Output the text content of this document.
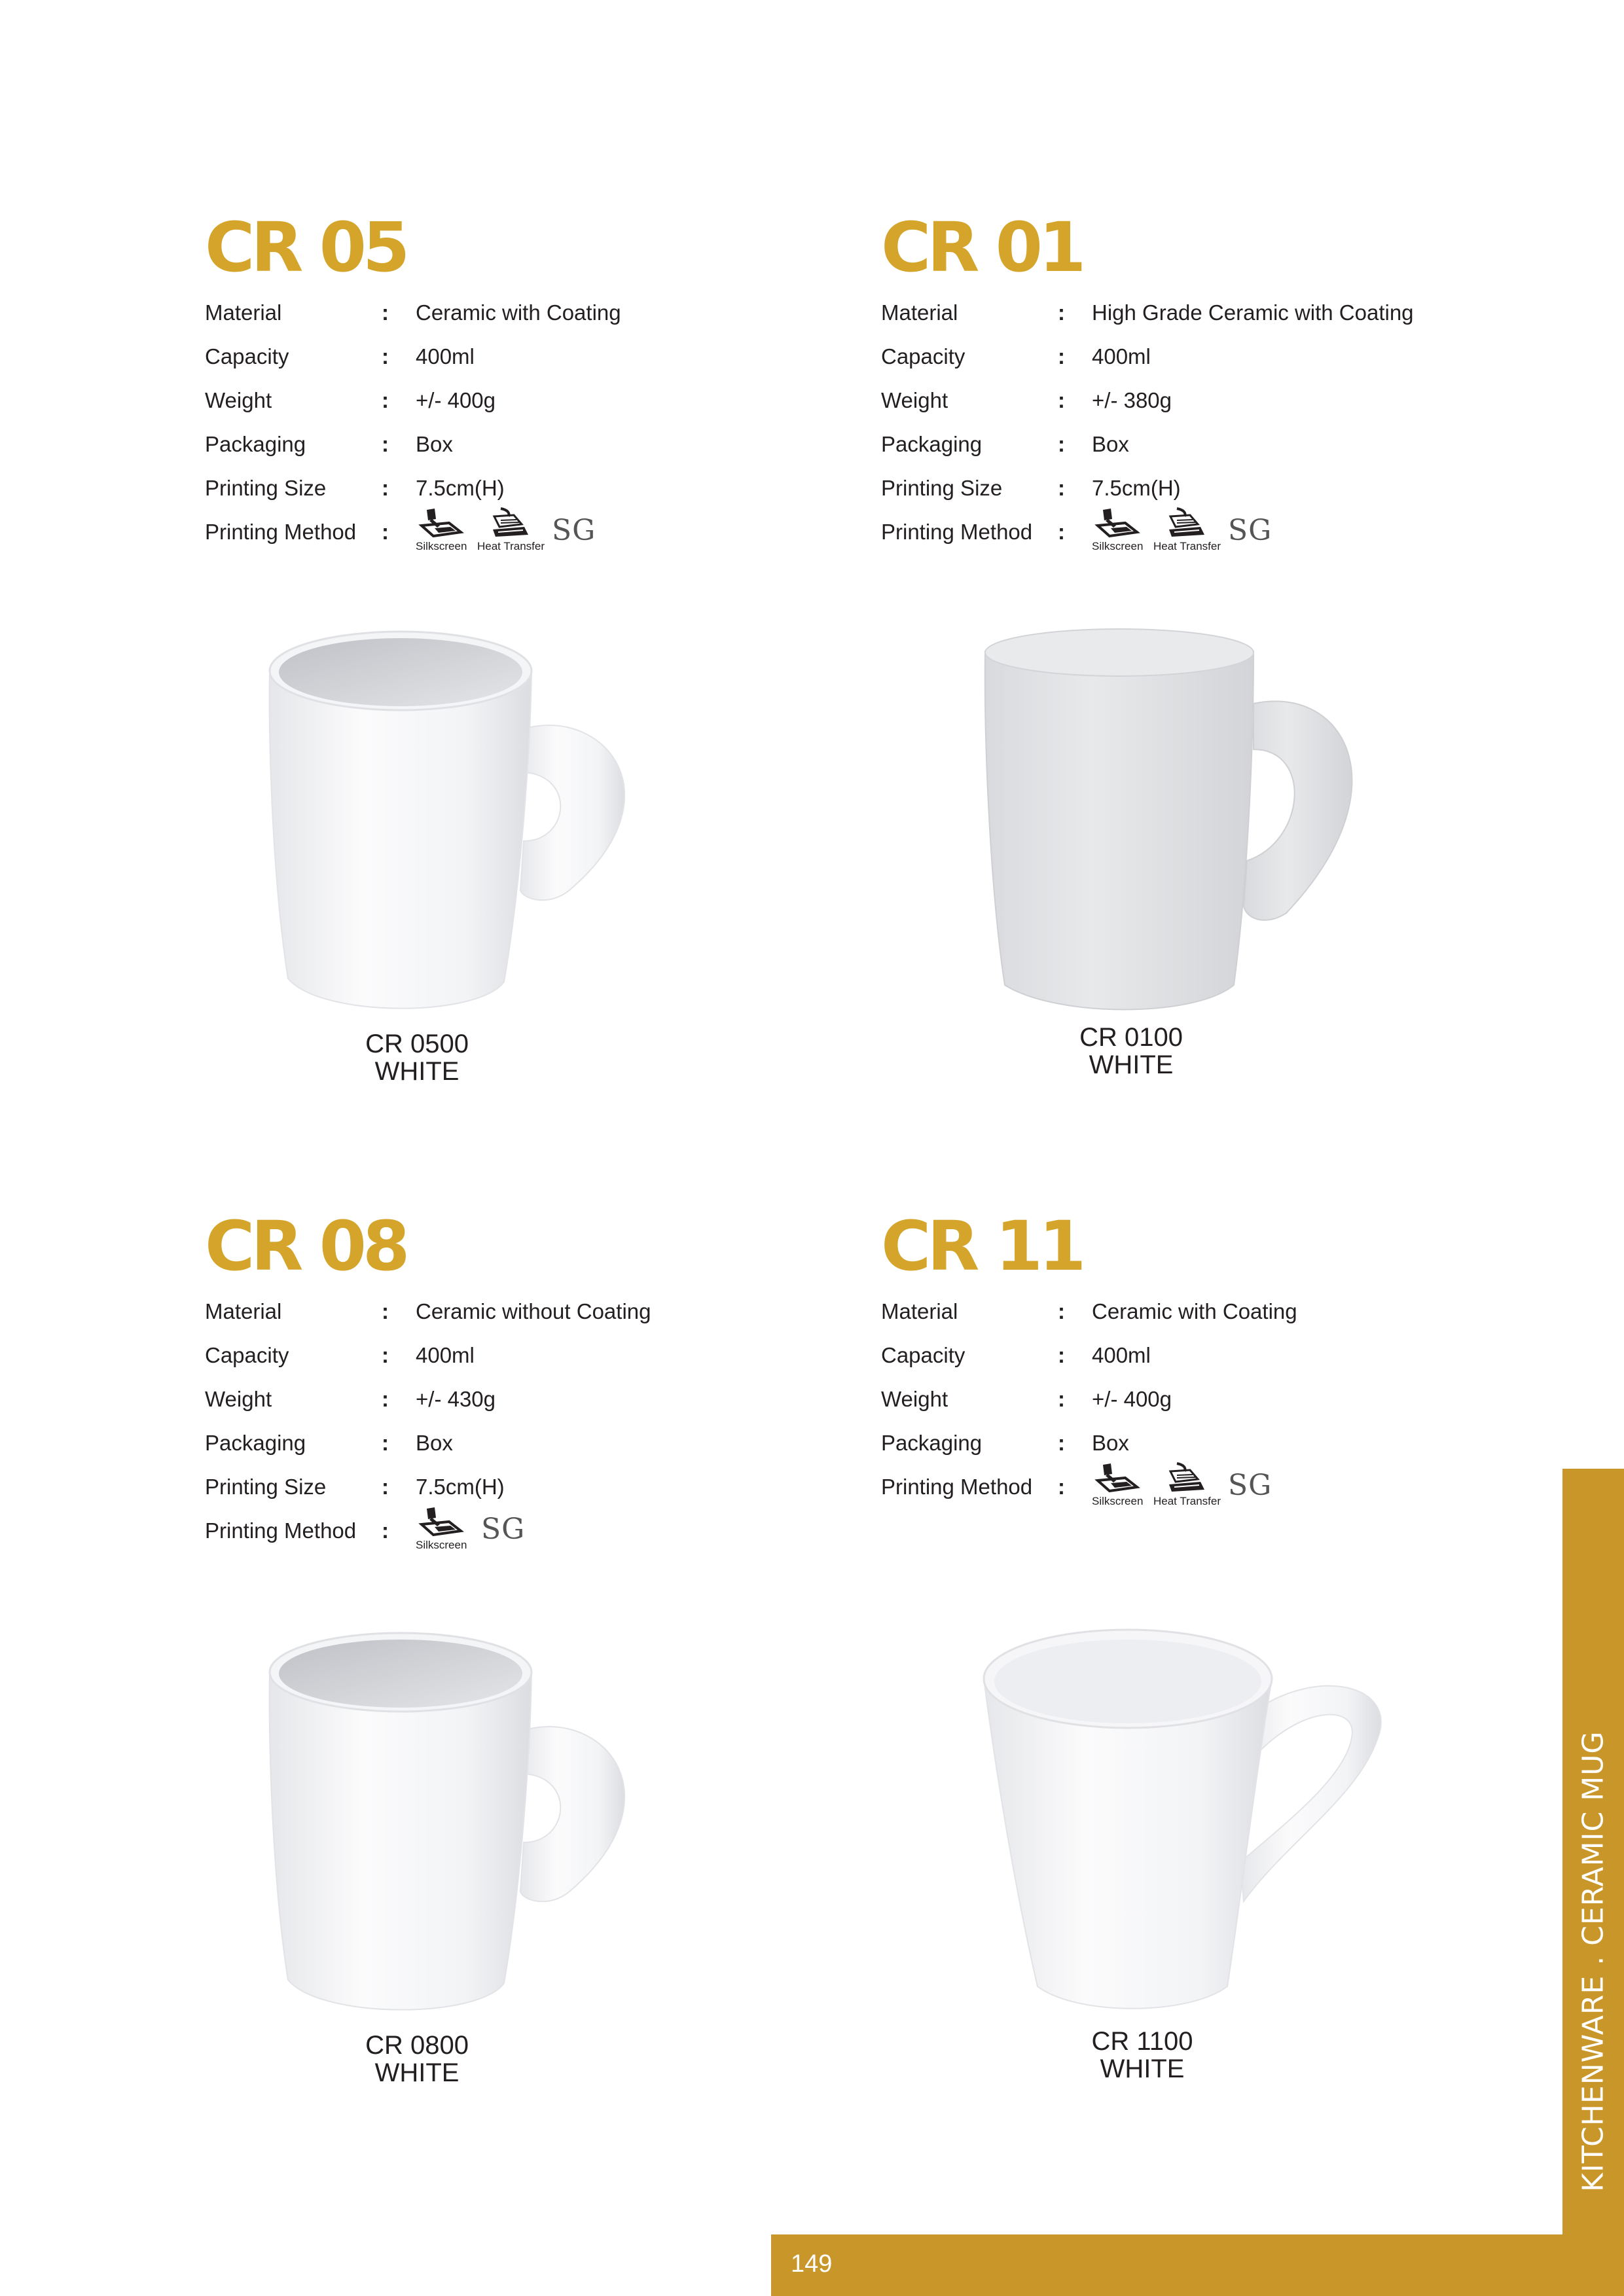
CR 05
Material	: Ceramic with Coating
Capacity	: 400ml
Weight	: +/- 400g
Packaging	: Box
Printing Size	: 7.5cm(H)
Printing Method :
Silkscreen Heat Transfer SG
CR 0500
WHITE
CR 01
Material	: High Grade Ceramic with Coating
Capacity	: 400ml
Weight	: +/- 380g
Packaging	: Box
Printing Size	: 7.5cm(H)
Printing Method :
Silkscreen Heat Transfer SG
CR 0100
WHITE
CR 08
Material	: Ceramic without Coating
Capacity	: 400ml
Weight	: +/- 430g
Packaging	: Box
Printing Size	: 7.5cm(H)
Printing Method :
Silkscreen SG
CR 0800
WHITE
CR 11
Material	: Ceramic with Coating
Capacity	: 400ml
Weight	: +/- 400g
Packaging	: Box
Printing Method :
Silkscreen Heat Transfer SG
CR 1100
WHITE	KITCHENWARE . CERAMIC MUG
149
